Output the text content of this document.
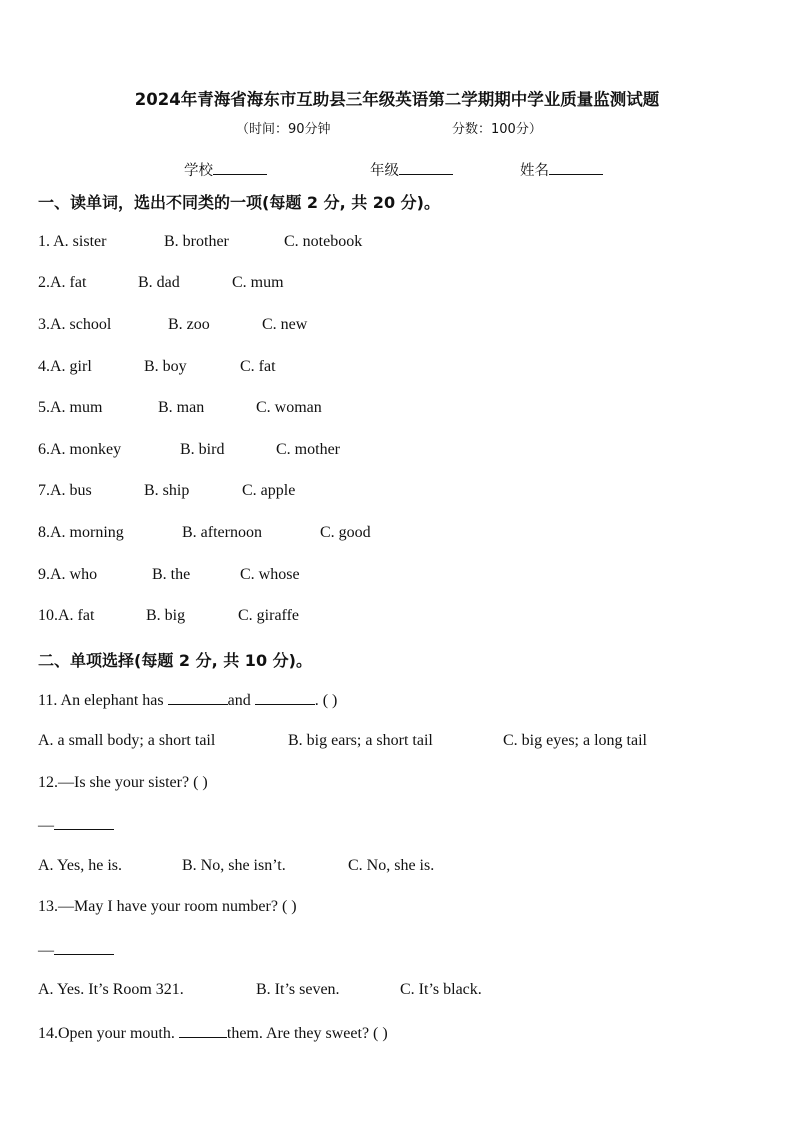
2024年青海省海东市互助县三年级英语第二学期期中学业质量监测试题
（时间：90分钟	分数：100分）
学校	年级	姓名
一、读单词，选出不同类的一项(每题 2 分, 共 20 分)。
1. A. sister	B. brother	C. notebook
2.A. fat	B. dad	C. mum
3.A. school	B. zoo	C. new
4.A. girl	B. boy	C. fat
5.A. mum	B. man	C. woman
6.A. monkey	B. bird	C. mother
7.A. bus	B. ship	C. apple
8.A. morning	B. afternoon	C. good
9.A. who	B. the	C. whose
10.A. fat	B. big	C. giraffe
二、单项选择(每题 2 分, 共 10 分)。
11. An elephant has	and	. ( )
A. a small body; a short tail	B. big ears; a short tail	C. big eyes; a long tail
12.—Is she your sister? ( )
—
A. Yes, he is.	B. No, she isn’t.	C. No, she is.
13.—May I have your room number? ( )
—
A. Yes. It’s Room 321.	B. It’s seven.	C. It’s black.
14.Open your mouth.	them. Are they sweet? ( )
